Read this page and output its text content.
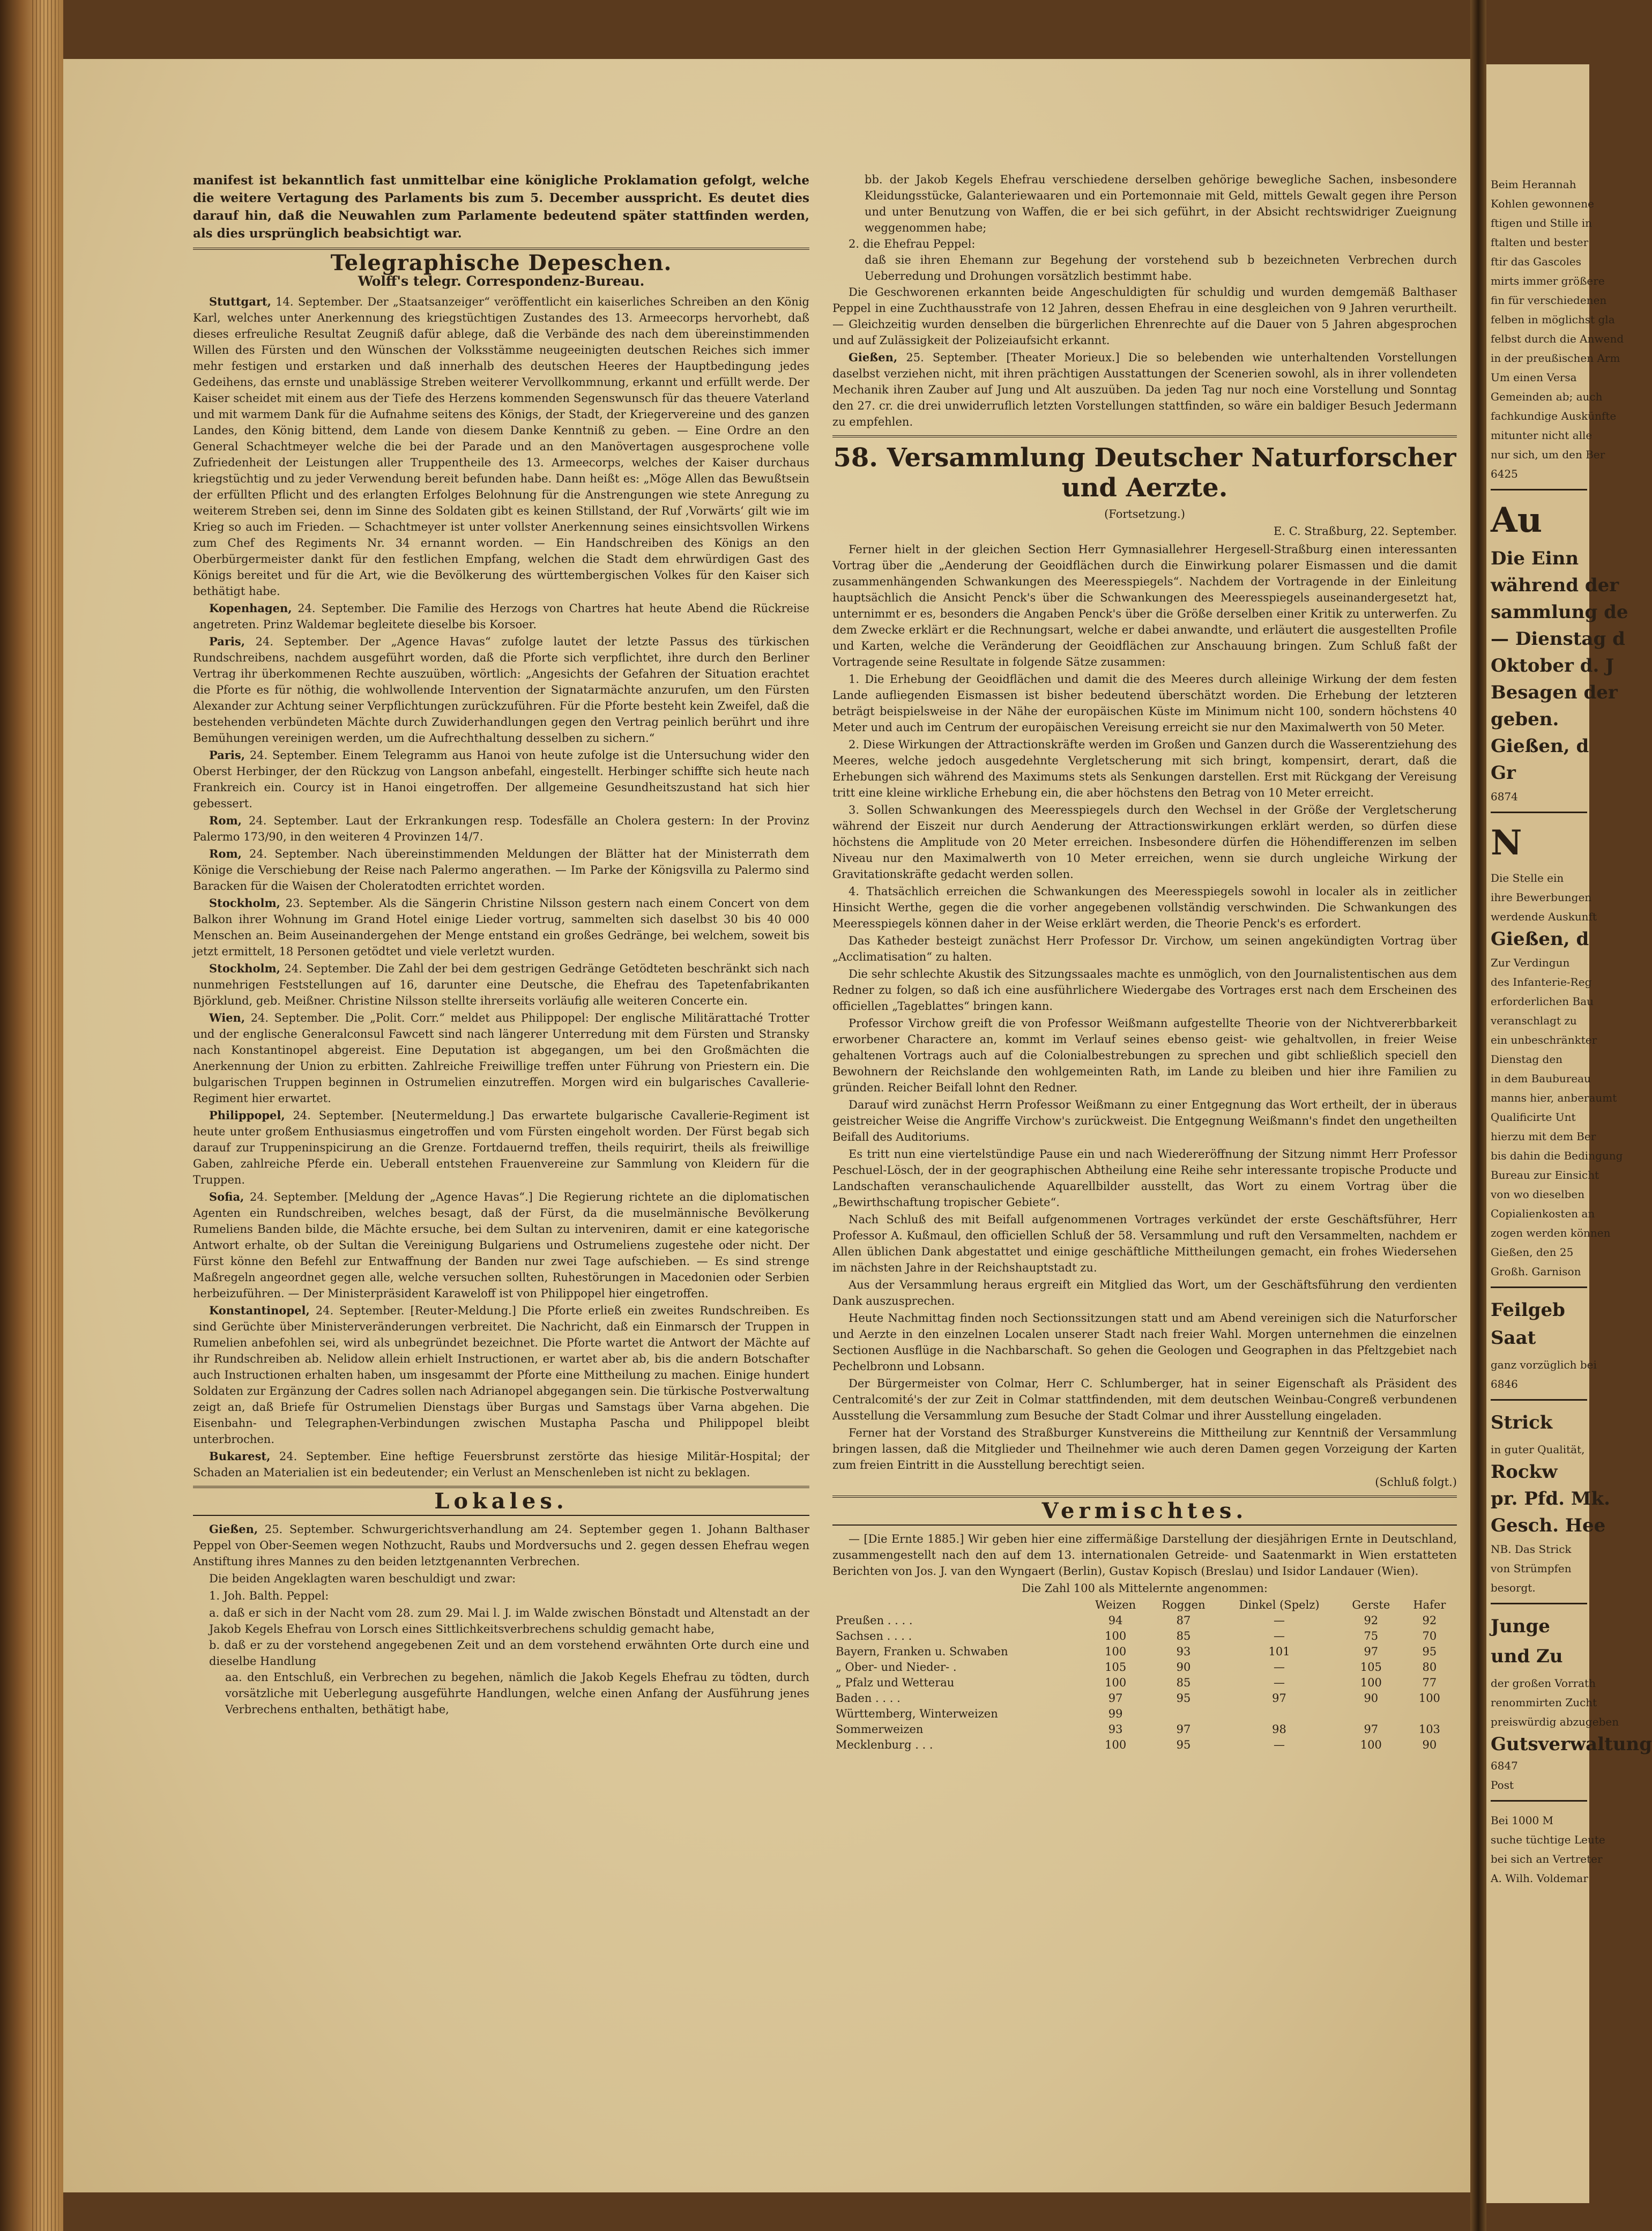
Beim Herannah
Kohlen gewonnene
ftigen und Stille in
ftalten und bester
ftir das Gascoles
mirts immer größere
fin für verschiedenen
felben in möglichst gla
felbst durch die Anwend
in der preußischen Arm
Um einen Versa
Gemeinden ab; auch
fachkundige Auskünfte
mitunter nicht alle
nur sich, um den Ber
6425
Au
Die Einn
während der
sammlung de
— Dienstag d
Oktober d. J
Besagen der
geben.
Gießen, d
Gr
6874
N
Die Stelle ein
ihre Bewerbungen
werdende Auskunft
Gießen, d
Zur Verdingun
des Infanterie-Reg
erforderlichen Bau
veranschlagt zu
ein unbeschränkter
Dienstag den
in dem Baubureau
manns hier, anberaumt
Qualificirte Unt
hierzu mit dem Ber
bis dahin die Bedingung
Bureau zur Einsicht
von wo dieselben
Copialienkosten an
zogen werden können
Gießen, den 25
Großh. Garnison
Feilgeb
Saat
ganz vorzüglich bei
6846
Strick
in guter Qualität,
Rockw
pr. Pfd. Mk.
Gesch. Hee
NB. Das Strick
von Strümpfen
besorgt.
Junge
und Zu
der großen Vorrath
renommirten Zucht
preiswürdig abzugeben
Gutsverwaltung
6847
Post
Bei 1000 M
suche tüchtige Leute
bei sich an Vertreter
A. Wilh. Voldemar

manifest ist bekanntlich fast unmittelbar eine königliche Proklamation gefolgt, welche die weitere Vertagung des Parlaments bis zum 5. December ausspricht. Es deutet dies darauf hin, daß die Neuwahlen zum Parlamente bedeutend später stattfinden werden, als dies ursprünglich beabsichtigt war.

Telegraphische Depeschen.
Wolff's telegr. Correspondenz-Bureau.

Stuttgart, 14. September. Der „Staatsanzeiger“ veröffentlicht ein kaiserliches Schreiben an den König Karl, welches unter Anerkennung des kriegstüchtigen Zustandes des 13. Armeecorps hervorhebt, daß dieses erfreuliche Resultat Zeugniß dafür ablege, daß die Verbände des nach dem übereinstimmenden Willen des Fürsten und den Wünschen der Volksstämme neugeeinigten deutschen Reiches sich immer mehr festigen und erstarken und daß innerhalb des deutschen Heeres der Hauptbedingung jedes Gedeihens, das ernste und unablässige Streben weiterer Vervollkommnung, erkannt und erfüllt werde. Der Kaiser scheidet mit einem aus der Tiefe des Herzens kommenden Segenswunsch für das theuere Vaterland und mit warmem Dank für die Aufnahme seitens des Königs, der Stadt, der Kriegervereine und des ganzen Landes, den König bittend, dem Lande von diesem Danke Kenntniß zu geben. — Eine Ordre an den General Schachtmeyer welche die bei der Parade und an den Manövertagen ausgesprochene volle Zufriedenheit der Leistungen aller Truppentheile des 13. Armeecorps, welches der Kaiser durchaus kriegstüchtig und zu jeder Verwendung bereit befunden habe. Dann heißt es: „Möge Allen das Bewußtsein der erfüllten Pflicht und des erlangten Erfolges Belohnung für die Anstrengungen wie stete Anregung zu weiterem Streben sei, denn im Sinne des Soldaten gibt es keinen Stillstand, der Ruf ‚Vorwärts‘ gilt wie im Krieg so auch im Frieden. — Schachtmeyer ist unter vollster Anerkennung seines einsichtsvollen Wirkens zum Chef des Regiments Nr. 34 ernannt worden. — Ein Handschreiben des Königs an den Oberbürgermeister dankt für den festlichen Empfang, welchen die Stadt dem ehrwürdigen Gast des Königs bereitet und für die Art, wie die Bevölkerung des württembergischen Volkes für den Kaiser sich bethätigt habe.

Kopenhagen, 24. September. Die Familie des Herzogs von Chartres hat heute Abend die Rückreise angetreten. Prinz Waldemar begleitete dieselbe bis Korsoer.

Paris, 24. September. Der „Agence Havas“ zufolge lautet der letzte Passus des türkischen Rundschreibens, nachdem ausgeführt worden, daß die Pforte sich verpflichtet, ihre durch den Berliner Vertrag ihr überkommenen Rechte auszuüben, wörtlich: „Angesichts der Gefahren der Situation erachtet die Pforte es für nöthig, die wohlwollende Intervention der Signatarmächte anzurufen, um den Fürsten Alexander zur Achtung seiner Verpflichtungen zurückzuführen. Für die Pforte besteht kein Zweifel, daß die bestehenden verbündeten Mächte durch Zuwiderhandlungen gegen den Vertrag peinlich berührt und ihre Bemühungen vereinigen werden, um die Aufrechthaltung desselben zu sichern.“

Paris, 24. September. Einem Telegramm aus Hanoi von heute zufolge ist die Untersuchung wider den Oberst Herbinger, der den Rückzug von Langson anbefahl, eingestellt. Herbinger schiffte sich heute nach Frankreich ein. Courcy ist in Hanoi eingetroffen. Der allgemeine Gesundheitszustand hat sich hier gebessert.

Rom, 24. September. Laut der Erkrankungen resp. Todesfälle an Cholera gestern: In der Provinz Palermo 173/90, in den weiteren 4 Provinzen 14/7.

Rom, 24. September. Nach übereinstimmenden Meldungen der Blätter hat der Ministerrath dem Könige die Verschiebung der Reise nach Palermo angerathen. — Im Parke der Königsvilla zu Palermo sind Baracken für die Waisen der Choleratodten errichtet worden.

Stockholm, 23. September. Als die Sängerin Christine Nilsson gestern nach einem Concert von dem Balkon ihrer Wohnung im Grand Hotel einige Lieder vortrug, sammelten sich daselbst 30 bis 40 000 Menschen an. Beim Auseinandergehen der Menge entstand ein großes Gedränge, bei welchem, soweit bis jetzt ermittelt, 18 Personen getödtet und viele verletzt wurden.

Stockholm, 24. September. Die Zahl der bei dem gestrigen Gedränge Getödteten beschränkt sich nach nunmehrigen Feststellungen auf 16, darunter eine Deutsche, die Ehefrau des Tapetenfabrikanten Björklund, geb. Meißner. Christine Nilsson stellte ihrerseits vorläufig alle weiteren Concerte ein.

Wien, 24. September. Die „Polit. Corr.“ meldet aus Philippopel: Der englische Militärattaché Trotter und der englische Generalconsul Fawcett sind nach längerer Unterredung mit dem Fürsten und Stransky nach Konstantinopel abgereist. Eine Deputation ist abgegangen, um bei den Großmächten die Anerkennung der Union zu erbitten. Zahlreiche Freiwillige treffen unter Führung von Priestern ein. Die bulgarischen Truppen beginnen in Ostrumelien einzutreffen. Morgen wird ein bulgarisches Cavallerie-Regiment hier erwartet.

Philippopel, 24. September. [Neutermeldung.] Das erwartete bulgarische Cavallerie-Regiment ist heute unter großem Enthusiasmus eingetroffen und vom Fürsten eingeholt worden. Der Fürst begab sich darauf zur Truppeninspicirung an die Grenze. Fortdauernd treffen, theils requirirt, theils als freiwillige Gaben, zahlreiche Pferde ein. Ueberall entstehen Frauenvereine zur Sammlung von Kleidern für die Truppen.

Sofia, 24. September. [Meldung der „Agence Havas“.] Die Regierung richtete an die diplomatischen Agenten ein Rundschreiben, welches besagt, daß der Fürst, da die muselmännische Bevölkerung Rumeliens Banden bilde, die Mächte ersuche, bei dem Sultan zu interveniren, damit er eine kategorische Antwort erhalte, ob der Sultan die Vereinigung Bulgariens und Ostrumeliens zugestehe oder nicht. Der Fürst könne den Befehl zur Entwaffnung der Banden nur zwei Tage aufschieben. — Es sind strenge Maßregeln angeordnet gegen alle, welche versuchen sollten, Ruhestörungen in Macedonien oder Serbien herbeizuführen. — Der Ministerpräsident Karaweloff ist von Philippopel hier eingetroffen.

Konstantinopel, 24. September. [Reuter-Meldung.] Die Pforte erließ ein zweites Rundschreiben. Es sind Gerüchte über Ministerveränderungen verbreitet. Die Nachricht, daß ein Einmarsch der Truppen in Rumelien anbefohlen sei, wird als unbegründet bezeichnet. Die Pforte wartet die Antwort der Mächte auf ihr Rundschreiben ab. Nelidow allein erhielt Instructionen, er wartet aber ab, bis die andern Botschafter auch Instructionen erhalten haben, um insgesammt der Pforte eine Mittheilung zu machen. Einige hundert Soldaten zur Ergänzung der Cadres sollen nach Adrianopel abgegangen sein. Die türkische Postverwaltung zeigt an, daß Briefe für Ostrumelien Dienstags über Burgas und Samstags über Varna abgehen. Die Eisenbahn- und Telegraphen-Verbindungen zwischen Mustapha Pascha und Philippopel bleibt unterbrochen.

Bukarest, 24. September. Eine heftige Feuersbrunst zerstörte das hiesige Militär-Hospital; der Schaden an Materialien ist ein bedeutender; ein Verlust an Menschenleben ist nicht zu beklagen.

Lokales.

Gießen, 25. September. Schwurgerichtsverhandlung am 24. September gegen 1. Johann Balthaser Peppel von Ober-Seemen wegen Nothzucht, Raubs und Mordversuchs und 2. gegen dessen Ehefrau wegen Anstiftung ihres Mannes zu den beiden letztgenannten Verbrechen.

Die beiden Angeklagten waren beschuldigt und zwar:

1. Joh. Balth. Peppel:

a. daß er sich in der Nacht vom 28. zum 29. Mai l. J. im Walde zwischen Bönstadt und Altenstadt an der Jakob Kegels Ehefrau von Lorsch eines Sittlichkeitsverbrechens schuldig gemacht habe,
b. daß er zu der vorstehend angegebenen Zeit und an dem vorstehend erwähnten Orte durch eine und dieselbe Handlung
aa. den Entschluß, ein Verbrechen zu begehen, nämlich die Jakob Kegels Ehefrau zu tödten, durch vorsätzliche mit Ueberlegung ausgeführte Handlungen, welche einen Anfang der Ausführung jenes Verbrechens enthalten, bethätigt habe,
bb. der Jakob Kegels Ehefrau verschiedene derselben gehörige bewegliche Sachen, insbesondere Kleidungsstücke, Galanteriewaaren und ein Portemonnaie mit Geld, mittels Gewalt gegen ihre Person und unter Benutzung von Waffen, die er bei sich geführt, in der Absicht rechtswidriger Zueignung weggenommen habe;
2. die Ehefrau Peppel:
daß sie ihren Ehemann zur Begehung der vorstehend sub b bezeichneten Verbrechen durch Ueberredung und Drohungen vorsätzlich bestimmt habe.

Die Geschworenen erkannten beide Angeschuldigten für schuldig und wurden demgemäß Balthaser Peppel in eine Zuchthausstrafe von 12 Jahren, dessen Ehefrau in eine desgleichen von 9 Jahren verurtheilt. — Gleichzeitig wurden denselben die bürgerlichen Ehrenrechte auf die Dauer von 5 Jahren abgesprochen und auf Zulässigkeit der Polizeiaufsicht erkannt.

Gießen, 25. September. [Theater Morieux.] Die so belebenden wie unterhaltenden Vorstellungen daselbst verziehen nicht, mit ihren prächtigen Ausstattungen der Scenerien sowohl, als in ihrer vollendeten Mechanik ihren Zauber auf Jung und Alt auszuüben. Da jeden Tag nur noch eine Vorstellung und Sonntag den 27. cr. die drei unwiderruflich letzten Vorstellungen stattfinden, so wäre ein baldiger Besuch Jedermann zu empfehlen.

58. Versammlung Deutscher Naturforscher und Aerzte.
(Fortsetzung.)
E. C. Straßburg, 22. September.

Ferner hielt in der gleichen Section Herr Gymnasiallehrer Hergesell-Straßburg einen interessanten Vortrag über die „Aenderung der Geoidflächen durch die Einwirkung polarer Eismassen und die damit zusammenhängenden Schwankungen des Meeresspiegels“. Nachdem der Vortragende in der Einleitung hauptsächlich die Ansicht Penck's über die Schwankungen des Meeresspiegels auseinandergesetzt hat, unternimmt er es, besonders die Angaben Penck's über die Größe derselben einer Kritik zu unterwerfen. Zu dem Zwecke erklärt er die Rechnungsart, welche er dabei anwandte, und erläutert die ausgestellten Profile und Karten, welche die Veränderung der Geoidflächen zur Anschauung bringen. Zum Schluß faßt der Vortragende seine Resultate in folgende Sätze zusammen:

1. Die Erhebung der Geoidflächen und damit die des Meeres durch alleinige Wirkung der dem festen Lande aufliegenden Eismassen ist bisher bedeutend überschätzt worden. Die Erhebung der letzteren beträgt beispielsweise in der Nähe der europäischen Küste im Minimum nicht 100, sondern höchstens 40 Meter und auch im Centrum der europäischen Vereisung erreicht sie nur den Maximalwerth von 50 Meter.

2. Diese Wirkungen der Attractionskräfte werden im Großen und Ganzen durch die Wasserentziehung des Meeres, welche jedoch ausgedehnte Vergletscherung mit sich bringt, kompensirt, derart, daß die Erhebungen sich während des Maximums stets als Senkungen darstellen. Erst mit Rückgang der Vereisung tritt eine kleine wirkliche Erhebung ein, die aber höchstens den Betrag von 10 Meter erreicht.

3. Sollen Schwankungen des Meeresspiegels durch den Wechsel in der Größe der Vergletscherung während der Eiszeit nur durch Aenderung der Attractionswirkungen erklärt werden, so dürfen diese höchstens die Amplitude von 20 Meter erreichen. Insbesondere dürfen die Höhendifferenzen im selben Niveau nur den Maximalwerth von 10 Meter erreichen, wenn sie durch ungleiche Wirkung der Gravitationskräfte gedacht werden sollen.

4. Thatsächlich erreichen die Schwankungen des Meeresspiegels sowohl in localer als in zeitlicher Hinsicht Werthe, gegen die die vorher angegebenen vollständig verschwinden. Die Schwankungen des Meeresspiegels können daher in der Weise erklärt werden, die Theorie Penck's es erfordert.

Das Katheder besteigt zunächst Herr Professor Dr. Virchow, um seinen angekündigten Vortrag über „Acclimatisation“ zu halten.

Die sehr schlechte Akustik des Sitzungssaales machte es unmöglich, von den Journalistentischen aus dem Redner zu folgen, so daß ich eine ausführlichere Wiedergabe des Vortrages erst nach dem Erscheinen des officiellen „Tageblattes“ bringen kann.

Professor Virchow greift die von Professor Weißmann aufgestellte Theorie von der Nichtvererbbarkeit erworbener Charactere an, kommt im Verlauf seines ebenso geist- wie gehaltvollen, in freier Weise gehaltenen Vortrags auch auf die Colonialbestrebungen zu sprechen und gibt schließlich speciell den Bewohnern der Reichslande den wohlgemeinten Rath, im Lande zu bleiben und hier ihre Familien zu gründen. Reicher Beifall lohnt den Redner.

Darauf wird zunächst Herrn Professor Weißmann zu einer Entgegnung das Wort ertheilt, der in überaus geistreicher Weise die Angriffe Virchow's zurückweist. Die Entgegnung Weißmann's findet den ungetheilten Beifall des Auditoriums.

Es tritt nun eine viertelstündige Pause ein und nach Wiedereröffnung der Sitzung nimmt Herr Professor Peschuel-Lösch, der in der geographischen Abtheilung eine Reihe sehr interessante tropische Producte und Landschaften veranschaulichende Aquarellbilder ausstellt, das Wort zu einem Vortrag über die „Bewirthschaftung tropischer Gebiete“.

Nach Schluß des mit Beifall aufgenommenen Vortrages verkündet der erste Geschäftsführer, Herr Professor A. Kußmaul, den officiellen Schluß der 58. Versammlung und ruft den Versammelten, nachdem er Allen üblichen Dank abgestattet und einige geschäftliche Mittheilungen gemacht, ein frohes Wiedersehen im nächsten Jahre in der Reichshauptstadt zu.

Aus der Versammlung heraus ergreift ein Mitglied das Wort, um der Geschäftsführung den verdienten Dank auszusprechen.

Heute Nachmittag finden noch Sectionssitzungen statt und am Abend vereinigen sich die Naturforscher und Aerzte in den einzelnen Localen unserer Stadt nach freier Wahl. Morgen unternehmen die einzelnen Sectionen Ausflüge in die Nachbarschaft. So gehen die Geologen und Geographen in das Pfeltzgebiet nach Pechelbronn und Lobsann.

Der Bürgermeister von Colmar, Herr C. Schlumberger, hat in seiner Eigenschaft als Präsident des Centralcomité's der zur Zeit in Colmar stattfindenden, mit dem deutschen Weinbau-Congreß verbundenen Ausstellung die Versammlung zum Besuche der Stadt Colmar und ihrer Ausstellung eingeladen.

Ferner hat der Vorstand des Straßburger Kunstvereins die Mittheilung zur Kenntniß der Versammlung bringen lassen, daß die Mitglieder und Theilnehmer wie auch deren Damen gegen Vorzeigung der Karten zum freien Eintritt in die Ausstellung berechtigt seien.

(Schluß folgt.)

Vermischtes.

— [Die Ernte 1885.] Wir geben hier eine ziffermäßige Darstellung der diesjährigen Ernte in Deutschland, zusammengestellt nach den auf dem 13. internationalen Getreide- und Saatenmarkt in Wien erstatteten Berichten von Jos. J. van den Wyngaert (Berlin), Gustav Kopisch (Breslau) und Isidor Landauer (Wien).

Die Zahl 100 als Mittelernte angenommen:
	Weizen	Roggen	Dinkel (Spelz)	Gerste	Hafer
Preußen . . . .	94	87	—	92	92
Sachsen . . . .	100	85	—	75	70
Bayern, Franken u. Schwaben	100	93	101	97	95
„ Ober- und Nieder- .	105	90	—	105	80
„ Pfalz und Wetterau	100	85	—	100	77
Baden . . . .	97	95	97	90	100
Württemberg, Winterweizen	99				
Sommerweizen	93	97	98	97	103
Mecklenburg . . .	100	95	—	100	90
